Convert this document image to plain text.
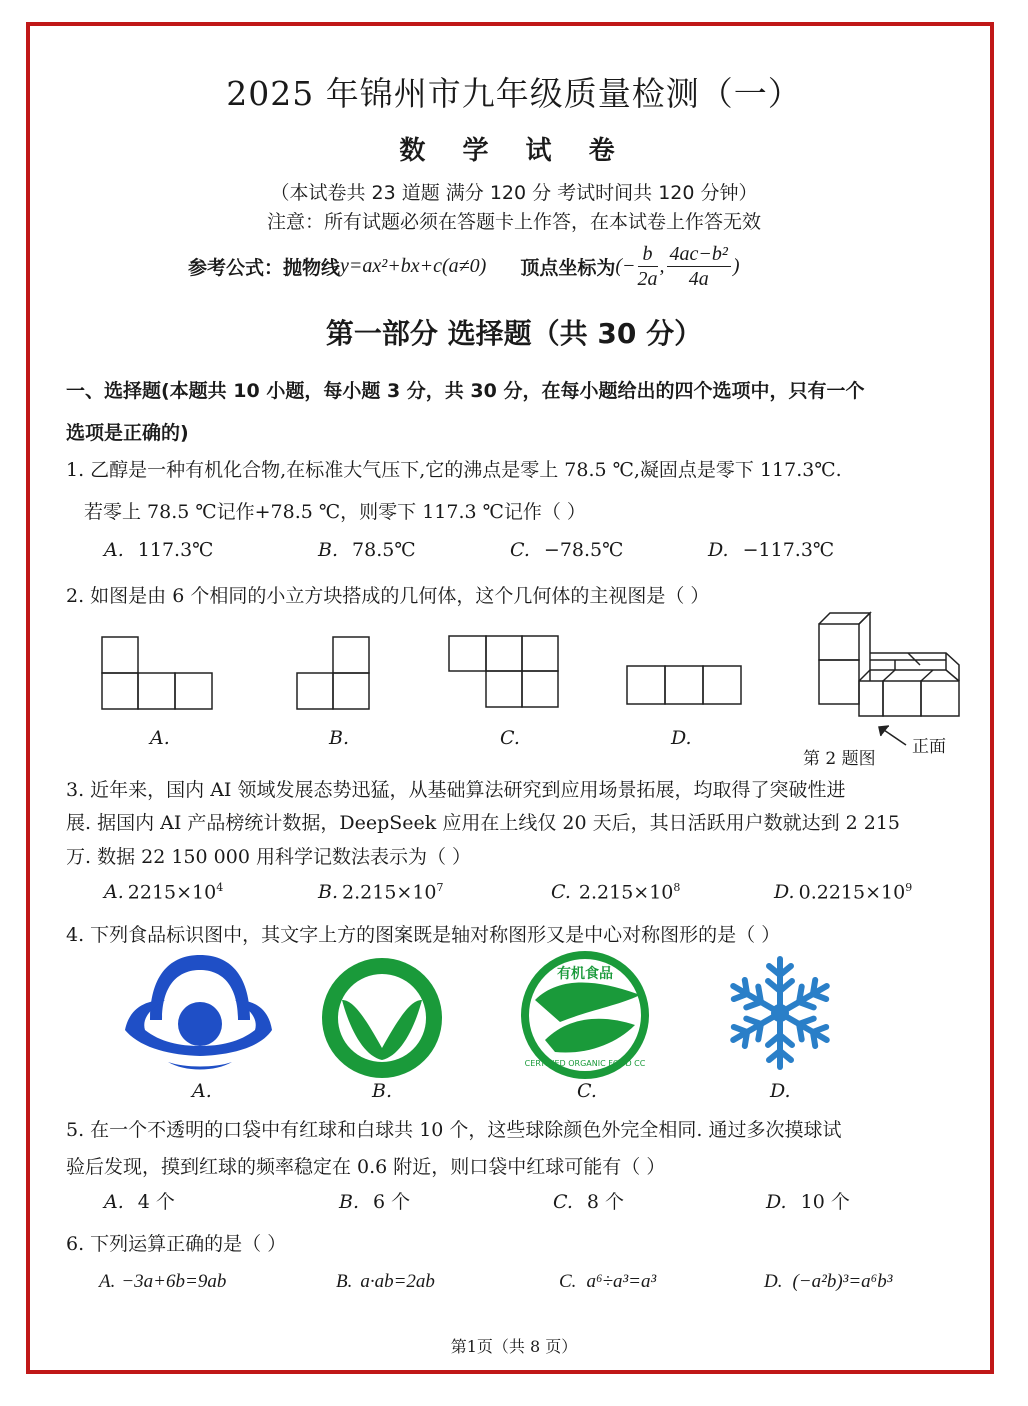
2025 年锦州市九年级质量检测（一）
数 学 试 卷
（本试卷共 23 道题 满分 120 分 考试时间共 120 分钟）
注意：所有试题必须在答题卡上作答，在本试卷上作答无效
参考公式： 抛物线 y=ax²+bx+c(a≠0) 顶点坐标为 (− $\frac{b}{2a}$ , $\frac{\text{4ac−b²}}{4a}$ )
第一部分 选择题（共 30 分）
一、选择题(本题共 10 小题，每小题 3 分，共 30 分，在每小题给出的四个选项中，只有一个
选项是正确的)
1. 乙醇是一种有机化合物,在标准大气压下,它的沸点是零上 78.5 ℃,凝固点是零下 117.3℃.
若零上 78.5 ℃记作+78.5 ℃，则零下 117.3 ℃记作（ ）
A. 117.3℃	B. 78.5℃	C. −78.5℃	D. −117.3℃
2. 如图是由 6 个相同的小立方块搭成的几何体，这个几何体的主视图是（ ）
A.	B.	C.	D.
第 2 题图
正面
3. 近年来，国内 AI 领域发展态势迅猛，从基础算法研究到应用场景拓展，均取得了突破性进
展. 据国内 AI 产品榜统计数据，DeepSeek 应用在上线仅 20 天后，其日活跃用户数就达到 2 215
万. 数据 22 150 000 用科学记数法表示为（ ）
A. $2215\times 10^4$	B. $2.215\times 10^7$	C. $2.215\times 10^8$	D. $0.2215\times 10^9$
4. 下列食品标识图中，其文字上方的图案既是轴对称图形又是中心对称图形的是（ ）
有机食品
CERTIFIED ORGANIC FOOD CC
A.	B.	C.	D.
5. 在一个不透明的口袋中有红球和白球共 10 个，这些球除颜色外完全相同. 通过多次摸球试
验后发现，摸到红球的频率稳定在 0.6 附近，则口袋中红球可能有（ ）
A. 4 个	B. 6 个	C. 8 个	D. 10 个
6. 下列运算正确的是（ ）
A. −3a+6b=9ab	B. a·ab=2ab	C. a⁶÷a³=a³	D. (−a²b)³=a⁶b³
第1页（共 8 页）
